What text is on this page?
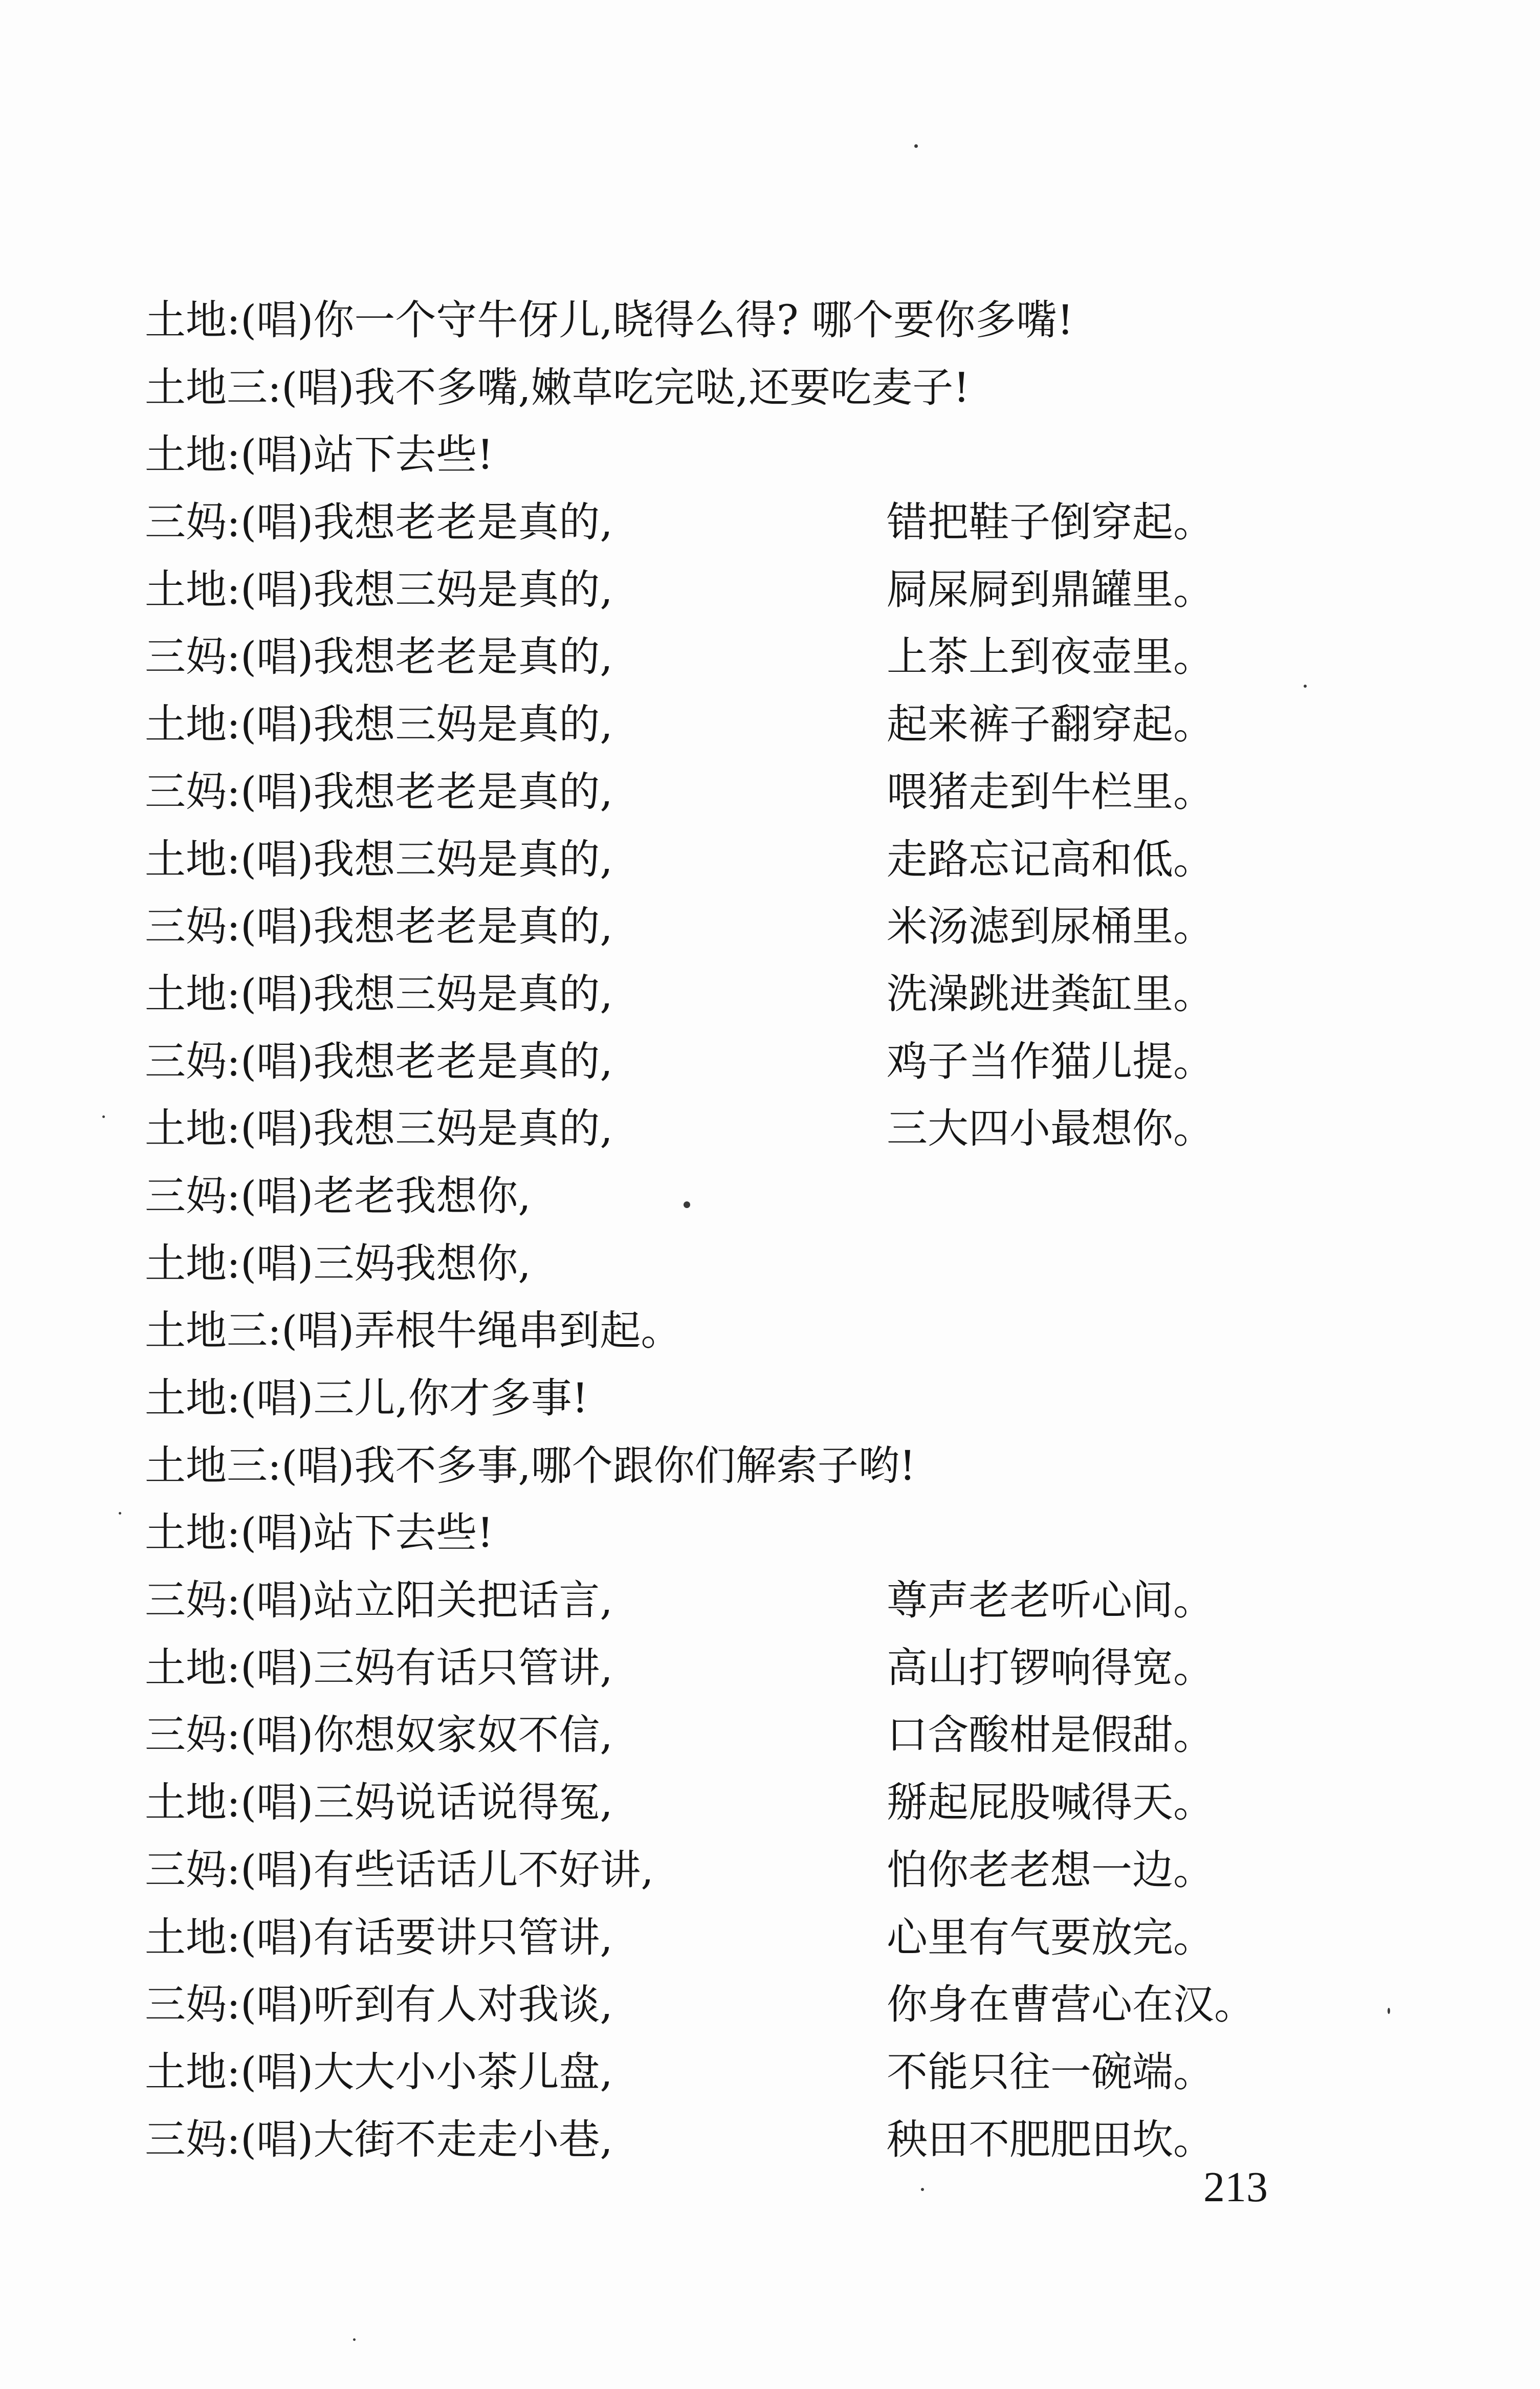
土地:(唱)你一个守牛伢儿,晓得么得? 哪个要你多嘴!
土地三:(唱)我不多嘴,嫩草吃完哒,还要吃麦子!
土地:(唱)站下去些!
三妈:(唱)我想老老是真的,	错把鞋子倒穿起。
土地:(唱)我想三妈是真的,	屙屎屙到鼎罐里。
三妈:(唱)我想老老是真的,	上茶上到夜壶里。
土地:(唱)我想三妈是真的,	起来裤子翻穿起。
三妈:(唱)我想老老是真的,	喂猪走到牛栏里。
土地:(唱)我想三妈是真的,	走路忘记高和低。
三妈:(唱)我想老老是真的,	米汤滤到尿桶里。
土地:(唱)我想三妈是真的,	洗澡跳进粪缸里。
三妈:(唱)我想老老是真的,	鸡子当作猫儿提。
土地:(唱)我想三妈是真的,	三大四小最想你。
三妈:(唱)老老我想你,
土地:(唱)三妈我想你,
土地三:(唱)弄根牛绳串到起。
土地:(唱)三儿,你才多事!
土地三:(唱)我不多事,哪个跟你们解索子哟!
土地:(唱)站下去些!
三妈:(唱)站立阳关把话言,	尊声老老听心间。
土地:(唱)三妈有话只管讲,	高山打锣响得宽。
三妈:(唱)你想奴家奴不信,	口含酸柑是假甜。
土地:(唱)三妈说话说得冤,	掰起屁股喊得天。
三妈:(唱)有些话话儿不好讲,	怕你老老想一边。
土地:(唱)有话要讲只管讲,	心里有气要放完。
三妈:(唱)听到有人对我谈,	你身在曹营心在汉。
土地:(唱)大大小小茶儿盘,	不能只往一碗端。
三妈:(唱)大街不走走小巷,	秧田不肥肥田坎。
213
